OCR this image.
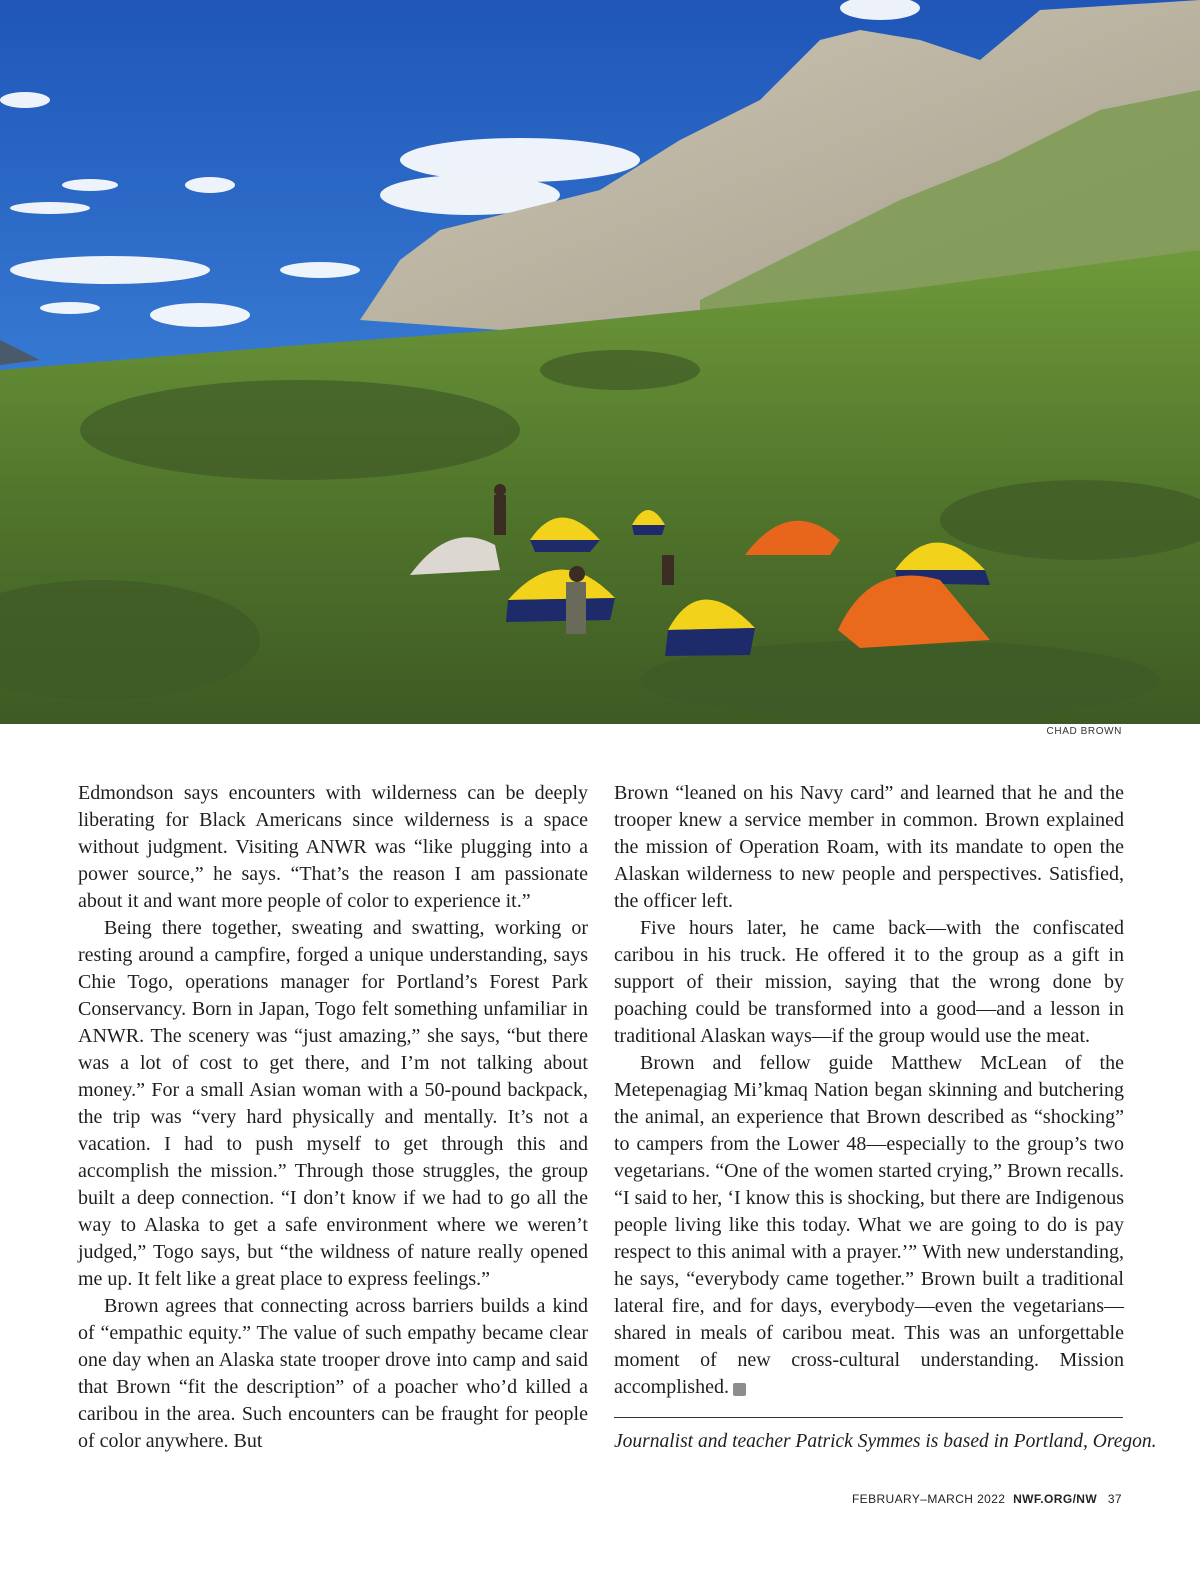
CHAD BROWN

Edmondson says encounters with wilderness can be deeply liberating for Black Americans since wilderness is a space without judgment. Visiting ANWR was “like plugging into a power source,” he says. “That’s the reason I am passionate about it and want more people of color to experience it.”

Being there together, sweating and swatting, working or resting around a campfire, forged a unique understanding, says Chie Togo, operations manager for Portland’s Forest Park Conservancy. Born in Japan, Togo felt something unfamiliar in ANWR. The scenery was “just amazing,” she says, “but there was a lot of cost to get there, and I’m not talking about money.” For a small Asian woman with a 50-pound backpack, the trip was “very hard physically and mentally. It’s not a vacation. I had to push myself to get through this and accomplish the mission.” Through those struggles, the group built a deep connection. “I don’t know if we had to go all the way to Alaska to get a safe environment where we weren’t judged,” Togo says, but “the wildness of nature really opened me up. It felt like a great place to express feelings.”

Brown agrees that connecting across barriers builds a kind of “empathic equity.” The value of such empathy became clear one day when an Alaska state trooper drove into camp and said that Brown “fit the description” of a poacher who’d killed a caribou in the area. Such encounters can be fraught for people of color anywhere. But

Brown “leaned on his Navy card” and learned that he and the trooper knew a service member in common. Brown explained the mission of Operation Roam, with its mandate to open the Alaskan wilderness to new people and perspectives. Satisfied, the officer left.

Five hours later, he came back—with the confiscated caribou in his truck. He offered it to the group as a gift in support of their mission, saying that the wrong done by poaching could be transformed into a good—and a lesson in traditional Alaskan ways—if the group would use the meat.

Brown and fellow guide Matthew McLean of the Metepenagiag Mi’kmaq Nation began skinning and butchering the animal, an experience that Brown described as “shocking” to campers from the Lower 48—especially to the group’s two vegetarians. “One of the women started crying,” Brown recalls. “I said to her, ‘I know this is shocking, but there are Indigenous people living like this today. What we are going to do is pay respect to this animal with a prayer.’” With new understanding, he says, “everybody came together.” Brown built a traditional lateral fire, and for days, everybody—even the vegetarians—shared in meals of caribou meat. This was an unforgettable moment of new cross-cultural understanding. Mission accomplished.	W

Journalist and teacher Patrick Symmes is based in Portland, Oregon.
FEBRUARY–MARCH 2022 NWF.ORG/NW 37
